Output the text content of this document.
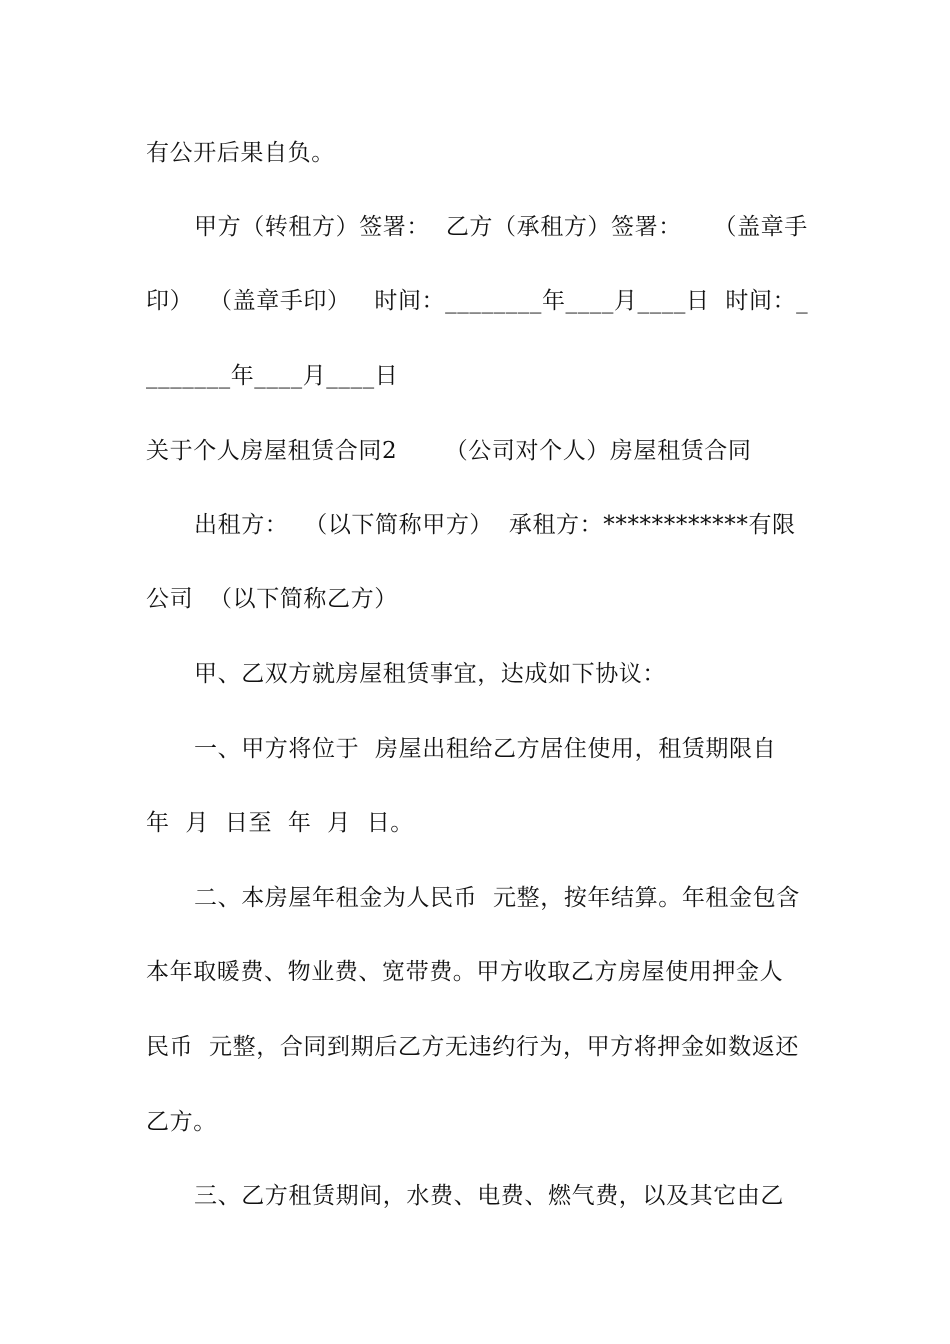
有公开后果自负。
甲方（转租方）签署：  乙方（承租方）签署：    （盖章手
印）  （盖章手印）   时间：________年____月____日  时间：_
_______年____月____日
关于个人房屋租赁合同2      （公司对个人）房屋租赁合同
出租方：  （以下简称甲方）  承租方：************有限
公司  （以下简称乙方）
甲、乙双方就房屋租赁事宜，达成如下协议：
一、甲方将位于  房屋出租给乙方居住使用，租赁期限自
年  月  日至  年  月  日。
二、本房屋年租金为人民币  元整，按年结算。年租金包含
本年取暖费、物业费、宽带费。甲方收取乙方房屋使用押金人
民币  元整，合同到期后乙方无违约行为，甲方将押金如数返还
乙方。
三、乙方租赁期间，水费、电费、燃气费，以及其它由乙
